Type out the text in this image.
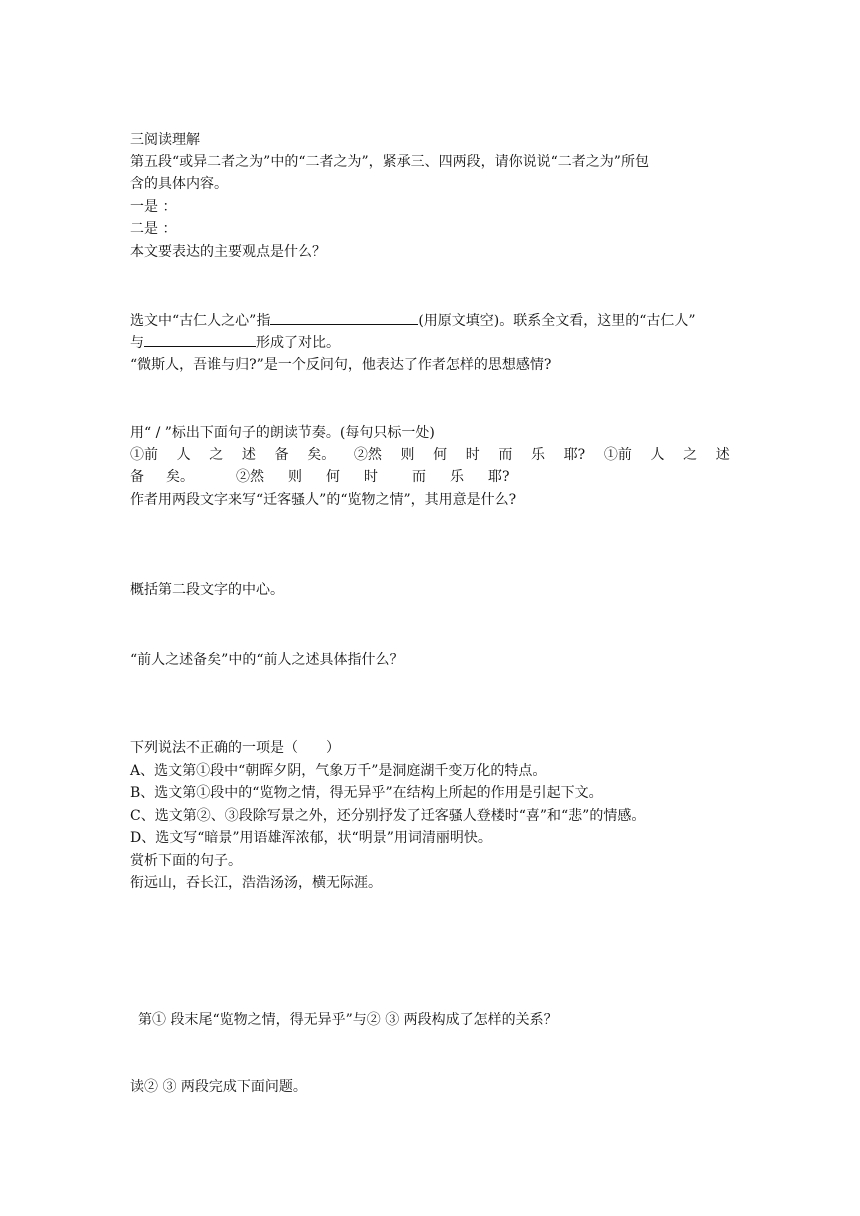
三阅读理解
第五段“或异二者之为”中的“二者之为”，紧承三、四两段，请你说说“二者之为”所包
含的具体内容。
一是 ：
二是 ：
本文要表达的主要观点是什么？
选文中“古仁人之心”指	(用原文填空)。联系全文看，这里的“古仁人”
与	形成了对比。
“微斯人，吾谁与归?”是一个反问句，他表达了作者怎样的思想感情?
用“ / ”标出下面句子的朗读节奏。(每句只标一处)
①前 人 之 述 备 矣。 ②然 则 何 时 而 乐 耶? ①前 人 之 述
备 矣。	②然 则 何 时 而 乐 耶?
作者用两段文字来写“迁客骚人”的“览物之情”，其用意是什么?
概括第二段文字的中心。
“前人之述备矣”中的“前人之述具体指什么？
下列说法不正确的一项是（　　）
A、选文第①段中“朝晖夕阴，气象万千”是洞庭湖千变万化的特点。
B、选文第①段中的“览物之情，得无异乎”在结构上所起的作用是引起下文。
C、选文第②、③段除写景之外，还分别抒发了迁客骚人登楼时“喜”和“悲”的情感。
D、选文写“暗景”用语雄浑浓郁，状“明景”用词清丽明快。
赏析下面的句子。
衔远山，吞长江，浩浩汤汤，横无际涯。
第① 段末尾“览物之情，得无异乎”与② ③ 两段构成了怎样的关系？
读② ③ 两段完成下面问题。
